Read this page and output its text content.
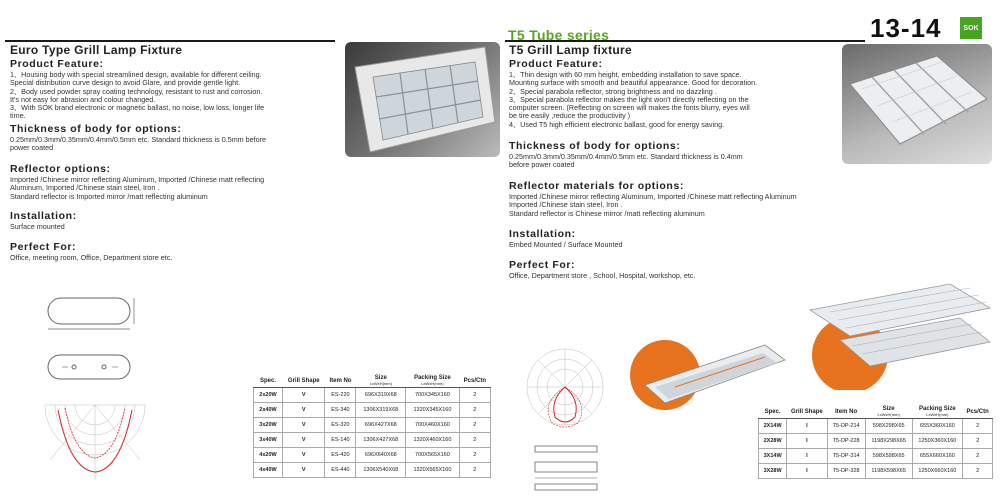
T5 Tube series	13-14	SOK
Euro Type Grill Lamp Fixture
Product Feature:
1、Housing body with special streamlined design, available for different ceiling.
Special distribution curve design to avoid Glare, and provide gentle light.
2、Body used powder spray coating technology, resistant to rust and corrosion.
It's not easy for abrasion and colour changed.
3、With SOK brand electronic or magnetic ballast, no noise, low loss, longer life
time.
Thickness of body for options:
0.25mm/0.3mm/0.35mm/0.4mm/0.5mm etc. Standard thickness is 0.5mm before
power coated
Reflector options:
Imported /Chinese mirror reflecting Aluminum, Imported /Chinese matt reflecting
Aluminum, Imported /Chinese stain steel, Iron .
Standard reflector is Imported mirror /matt reflecting aluminum
Installation:
Surface mounted
Perfect For:
Office, meeting room, Office, Department store etc.
Spec.	Grill Shape	Item No	Size
LxWxH(mm)	Packing Size
LxWxH(mm)	Pcs/Ctn
2x20W	V	ES-220	696X319X68	700X345X160	2
2x40W	V	ES-340	1306X319X68	1320X345X160	2
3x20W	V	ES-320	696X427X68	700X460X160	2
3x40W	V	ES-140	1306X427X68	1320X460X160	2
4x20W	V	ES-420	696X640X68	700X565X160	2
4x40W	V	ES-440	1306X540X68	1320X565X160	2
T5 Grill Lamp fixture
Product Feature:
1、Thin design with 60 mm height, embedding installation to save space.
Mounting surface with smooth and beautiful appearance. Good for decoration.
2、Special parabola reflector, strong brightness and no dazzling .
3、Special parabola reflector makes the light won't directly reflecting on the
computer screen. (Reflecting on screen will makes the fonts blurry, eyes will
be tire easily ,reduce the productivity )
4、Used T5 high efficient electronic ballast, good for energy saving.
Thickness of body for options:
0.25mm/0.3mm/0.35mm/0.4mm/0.5mm etc. Standard thickness is 0.4mm
before power coated
Reflector materials for options:
Imported /Chinese mirror reflecting Aluminum, Imported /Chinese matt reflecting Aluminum
Imported /Chinese stain steel, Iron .
Standard reflector is Chinese mirror /matt reflecting aluminum
Installation:
Embed Mounted / Surface Mounted
Perfect For:
Office, Department store , School, Hospital, workshop, etc.
Spec.	Grill Shape	Item No	Size
LxWxH(mm)	Packing Size
LxWxH(mm)	Pcs/Ctn
2X14W	I	T5-DP-214	598X298X65	655X360X160	2
2X28W	I	T5-DP-228	1198X298X65	1250X360X160	2
3X14W	I	T5-DP-314	598X598X65	655X660X160	2
3X28W	I	T5-DP-328	1198X598X65	1250X660X160	2
